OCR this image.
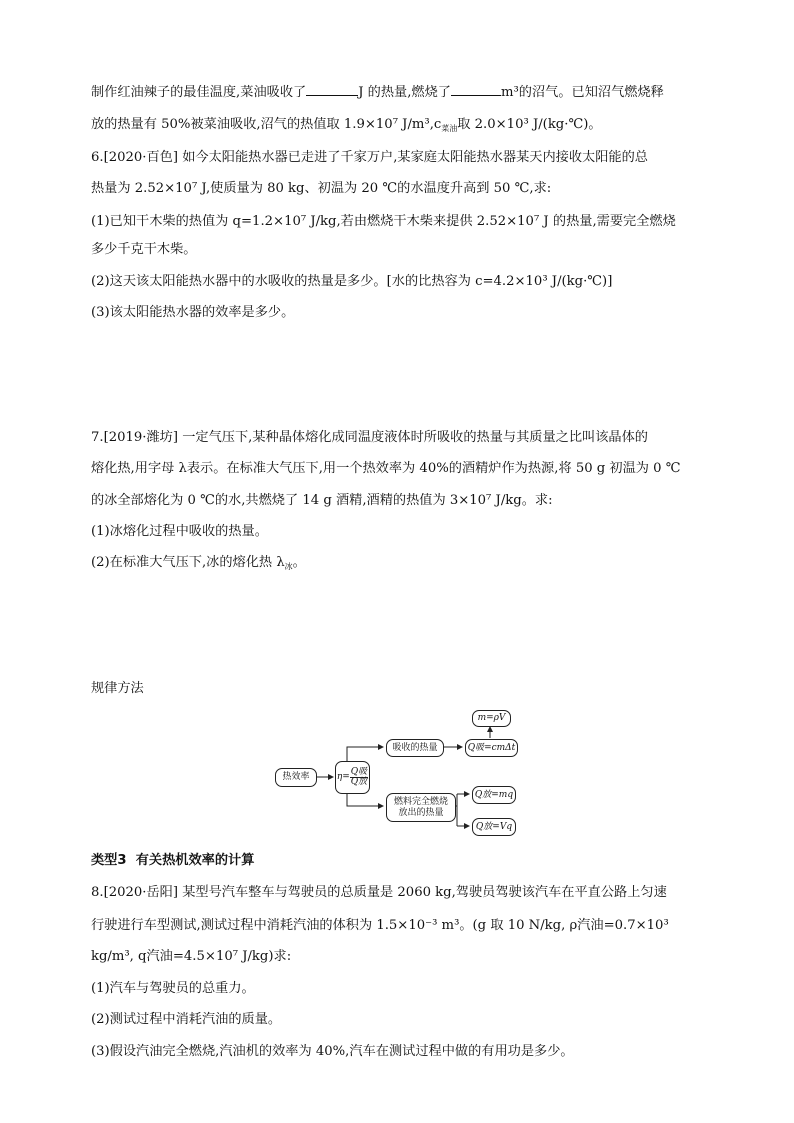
制作红油辣子的最佳温度,菜油吸收了	J 的热量,燃烧了	m³的沼气。已知沼气燃烧释
放的热量有 50%被菜油吸收,沼气的热值取 1.9×10⁷ $J/m^3,c_{菜油}$取 2.0×10³ J/(kg·℃)。
6.[2020·百色] 如今太阳能热水器已走进了千家万户,某家庭太阳能热水器某天内接收太阳能的总
热量为 2.52×10⁷ J,使质量为 80 kg、初温为 20 ℃的水温度升高到 50 ℃,求:
(1)已知干木柴的热值为 q=1.2×10⁷ J/kg,若由燃烧干木柴来提供 2.52×10⁷ J 的热量,需要完全燃烧
多少千克干木柴。
(2)这天该太阳能热水器中的水吸收的热量是多少。[水的比热容为 c=4.2×10³ J/(kg·℃)]
(3)该太阳能热水器的效率是多少。
7.[2019·潍坊] 一定气压下,某种晶体熔化成同温度液体时所吸收的热量与其质量之比叫该晶体的
熔化热,用字母 λ表示。在标准大气压下,用一个热效率为 40%的酒精炉作为热源,将 50 g 初温为 0 ℃
的冰全部熔化为 0 ℃的水,共燃烧了 14 g 酒精,酒精的热值为 3×10⁷ J/kg。求:
(1)冰熔化过程中吸收的热量。
(2)在标准大气压下,冰的熔化热 $\lambda_冰$。
规律方法
热效率	$\eta= \frac{\text{Q吸}}{\text{Q放}}$
吸收的热量	Q吸=cmΔt
m=ρV
燃料完全燃烧
放出的热量
Q放=mq
Q放=Vq
类型3 有关热机效率的计算
8.[2020·岳阳] 某型号汽车整车与驾驶员的总质量是 2060 kg,驾驶员驾驶该汽车在平直公路上匀速
行驶进行车型测试,测试过程中消耗汽油的体积为 1.5×10⁻³ m³。(g 取 10 N/kg, ρ汽油=0.7×10³
kg/m³, q汽油=4.5×10⁷ J/kg)求:
(1)汽车与驾驶员的总重力。
(2)测试过程中消耗汽油的质量。
(3)假设汽油完全燃烧,汽油机的效率为 40%,汽车在测试过程中做的有用功是多少。
